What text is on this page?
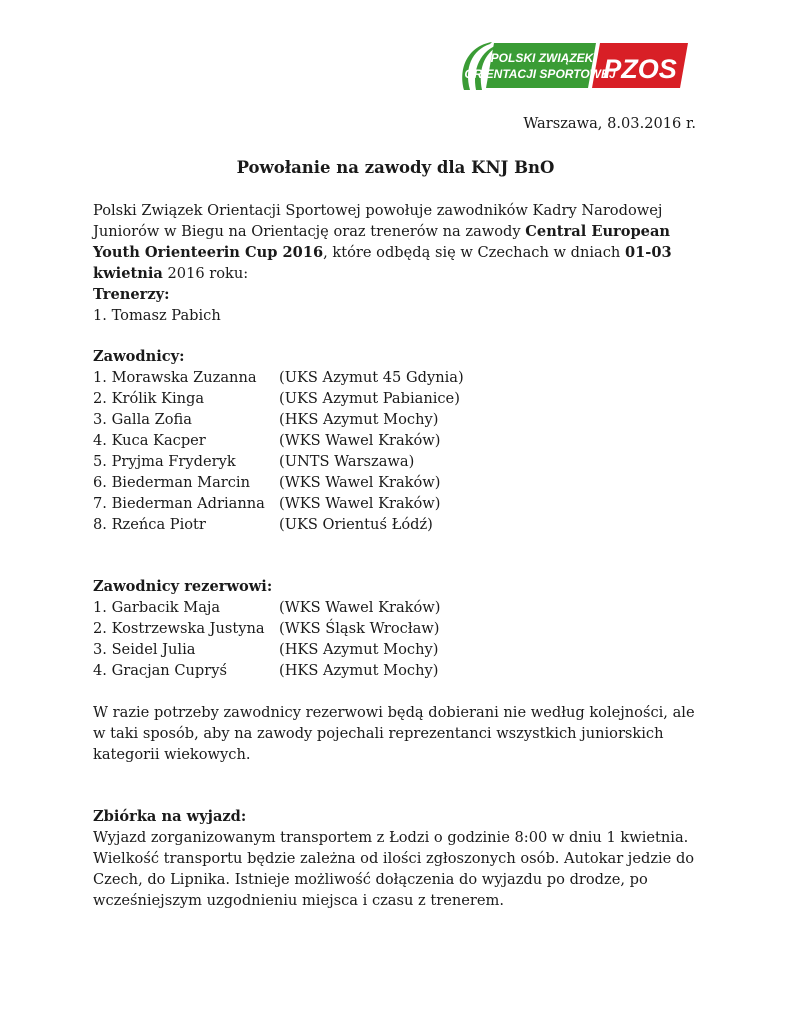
POLSKI ZWIĄZEK
ORIENTACJI SPORTOWEJ
PZOS
Warszawa, 8.03.2016 r.
Powołanie na zawody dla KNJ BnO
Polski Związek Orientacji Sportowej powołuje zawodników Kadry Narodowej Juniorów w Biegu na Orientację oraz trenerów na zawody Central European Youth Orienteerin Cup 2016, które odbędą się w Czechach w dniach 01-03 kwietnia 2016 roku:
Trenerzy:
1. Tomasz Pabich
Zawodnicy:
1. Morawska Zuzanna	(UKS Azymut 45 Gdynia)
2. Królik Kinga	(UKS Azymut Pabianice)
3. Galla Zofia	(HKS Azymut Mochy)
4. Kuca Kacper	(WKS Wawel Kraków)
5. Pryjma Fryderyk	(UNTS Warszawa)
6. Biederman Marcin	(WKS Wawel Kraków)
7. Biederman Adrianna (WKS Wawel Kraków)
8. Rzeńca Piotr	(UKS Orientuś Łódź)
Zawodnicy rezerwowi:
1. Garbacik Maja	(WKS Wawel Kraków)
2. Kostrzewska Justyna (WKS Śląsk Wrocław)
3. Seidel Julia	(HKS Azymut Mochy)
4. Gracjan Cupryś	(HKS Azymut Mochy)
W razie potrzeby zawodnicy rezerwowi będą dobierani nie według kolejności, ale w taki sposób, aby na zawody pojechali reprezentanci wszystkich juniorskich kategorii wiekowych.
Zbiórka na wyjazd:
Wyjazd zorganizowanym transportem z Łodzi o godzinie 8:00 w dniu 1 kwietnia. Wielkość transportu będzie zależna od ilości zgłoszonych osób. Autokar jedzie do Czech, do Lipnika. Istnieje możliwość dołączenia do wyjazdu po drodze, po wcześniejszym uzgodnieniu miejsca i czasu z trenerem.
